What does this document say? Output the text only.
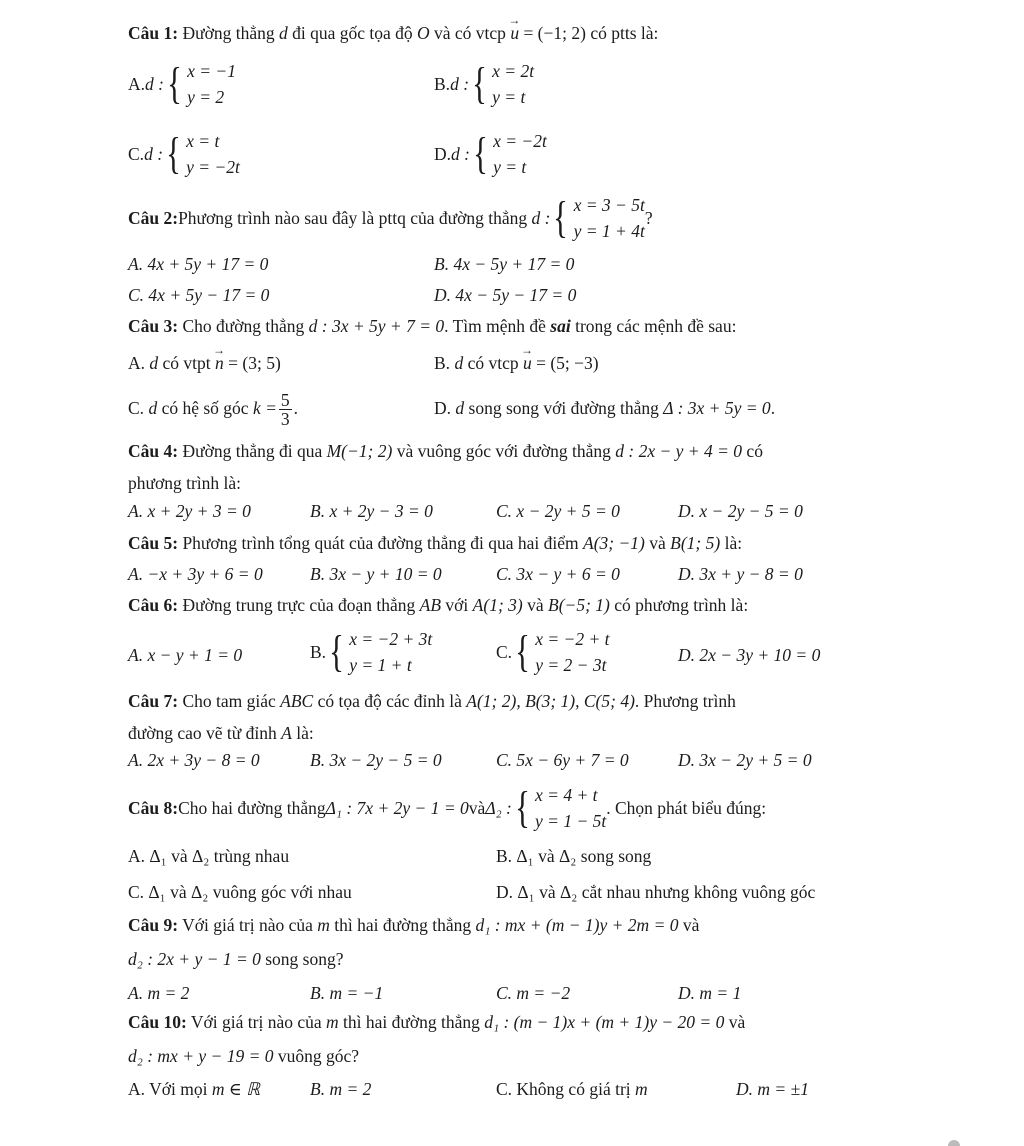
Câu 1: Đường thẳng d đi qua gốc tọa độ O và có vtcp → u = (−1; 2) có ptts là:
A. d : { x = −1
y = 2
B. d : { x = 2t
y = t
C. d : { x = t
y = −2t
D. d : { x = −2t
y = t
Câu 2: Phương trình nào sau đây là pttq của đường thẳng
d : { x = 3 − 5t
y = 1 + 4t
?
A. 4x + 5y + 17 = 0	B. 4x − 5y + 17 = 0
C. 4x + 5y − 17 = 0	D. 4x − 5y − 17 = 0
Câu 3: Cho đường thẳng d : 3x + 5y + 7 = 0. Tìm mệnh đề sai trong các mệnh đề sau:
A. d có vtpt → n = (3; 5)	B. d có vtcp → u = (5; −3)
C. d có hệ số góc $k = \frac{5}{3}$ .	D. d song song với đường thẳng Δ : 3x + 5y = 0.
Câu 4: Đường thẳng đi qua M(−1; 2) và vuông góc với đường thẳng d : 2x − y + 4 = 0 có
phương trình là:
A. x + 2y + 3 = 0	B. x + 2y − 3 = 0	C. x − 2y + 5 = 0	D. x − 2y − 5 = 0
Câu 5: Phương trình tổng quát của đường thẳng đi qua hai điểm A(3; −1) và B(1; 5) là:
A. −x + 3y + 6 = 0	B. 3x − y + 10 = 0	C. 3x − y + 6 = 0	D. 3x + y − 8 = 0
Câu 6: Đường trung trực của đoạn thẳng AB với A(1; 3) và B(−5; 1) có phương trình là:
A. x − y + 1 = 0	B. { x = −2 + 3t
y = 1 + t
C. { x = −2 + t
y = 2 − 3t	D. 2x − 3y + 10 = 0
Câu 7: Cho tam giác ABC có tọa độ các đỉnh là A(1; 2), B(3; 1), C(5; 4). Phương trình
đường cao vẽ từ đỉnh A là:
A. 2x + 3y − 8 = 0	B. 3x − 2y − 5 = 0	C. 5x − 6y + 7 = 0	D. 3x − 2y + 5 = 0
Câu 8: Cho hai đường thẳng Δ₁ : 7x + 2y − 1 = 0 và Δ₂ : { x = 4 + t
y = 1 − 5t
. Chọn phát biểu đúng:
A. Δ₁ và Δ₂ trùng nhau	B. Δ₁ và Δ₂ song song
C. Δ₁ và Δ₂ vuông góc với nhau	D. Δ₁ và Δ₂ cắt nhau nhưng không vuông góc
Câu 9: Với giá trị nào của m thì hai đường thẳng d₁ : mx + (m − 1)y + 2m = 0 và
d₂ : 2x + y − 1 = 0 song song?
A. m = 2	B. m = −1	C. m = −2	D. m = 1
Câu 10: Với giá trị nào của m thì hai đường thẳng d₁ : (m − 1)x + (m + 1)y − 20 = 0 và
d₂ : mx + y − 19 = 0 vuông góc?
A. Với mọi m ∈ ℝ	B. m = 2	C. Không có giá trị m	D. m = ±1
